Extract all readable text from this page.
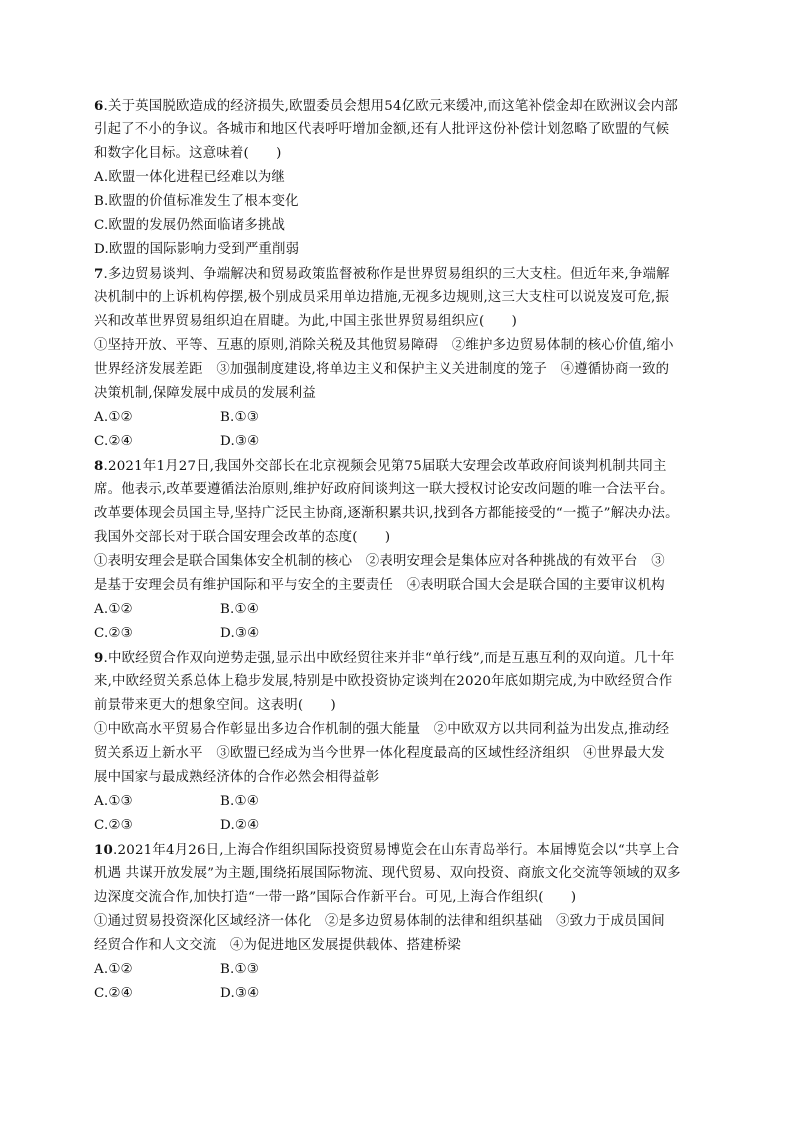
6.关于英国脱欧造成的经济损失,欧盟委员会想用54亿欧元来缓冲,而这笔补偿金却在欧洲议会内部
引起了不小的争议。各城市和地区代表呼吁增加金额,还有人批评这份补偿计划忽略了欧盟的气候
和数字化目标。这意味着(　　)
A.欧盟一体化进程已经难以为继
B.欧盟的价值标准发生了根本变化
C.欧盟的发展仍然面临诸多挑战
D.欧盟的国际影响力受到严重削弱
7.多边贸易谈判、争端解决和贸易政策监督被称作是世界贸易组织的三大支柱。但近年来,争端解
决机制中的上诉机构停摆,极个别成员采用单边措施,无视多边规则,这三大支柱可以说岌岌可危,振
兴和改革世界贸易组织迫在眉睫。为此,中国主张世界贸易组织应(　　)
①坚持开放、平等、互惠的原则,消除关税及其他贸易障碍　②维护多边贸易体制的核心价值,缩小
世界经济发展差距　③加强制度建设,将单边主义和保护主义关进制度的笼子　④遵循协商一致的
决策机制,保障发展中成员的发展利益
A.①②	B.①③
C.②④	D.③④
8.2021年1月27日,我国外交部长在北京视频会见第75届联大安理会改革政府间谈判机制共同主
席。他表示,改革要遵循法治原则,维护好政府间谈判这一联大授权讨论安改问题的唯一合法平台。
改革要体现会员国主导,坚持广泛民主协商,逐渐积累共识,找到各方都能接受的“一揽子”解决办法。
我国外交部长对于联合国安理会改革的态度(　　)
①表明安理会是联合国集体安全机制的核心　②表明安理会是集体应对各种挑战的有效平台　③
是基于安理会员有维护国际和平与安全的主要责任　④表明联合国大会是联合国的主要审议机构
A.①②	B.①④
C.②③	D.③④
9.中欧经贸合作双向逆势走强,显示出中欧经贸往来并非“单行线”,而是互惠互利的双向道。几十年
来,中欧经贸关系总体上稳步发展,特别是中欧投资协定谈判在2020年底如期完成,为中欧经贸合作
前景带来更大的想象空间。这表明(　　)
①中欧高水平贸易合作彰显出多边合作机制的强大能量　②中欧双方以共同利益为出发点,推动经
贸关系迈上新水平　③欧盟已经成为当今世界一体化程度最高的区域性经济组织　④世界最大发
展中国家与最成熟经济体的合作必然会相得益彰
A.①③	B.①④
C.②③	D.②④
10.2021年4月26日,上海合作组织国际投资贸易博览会在山东青岛举行。本届博览会以“共享上合
机遇 共谋开放发展”为主题,围绕拓展国际物流、现代贸易、双向投资、商旅文化交流等领域的双多
边深度交流合作,加快打造“一带一路”国际合作新平台。可见,上海合作组织(　　)
①通过贸易投资深化区域经济一体化　②是多边贸易体制的法律和组织基础　③致力于成员国间
经贸合作和人文交流　④为促进地区发展提供载体、搭建桥梁
A.①②	B.①③
C.②④	D.③④
